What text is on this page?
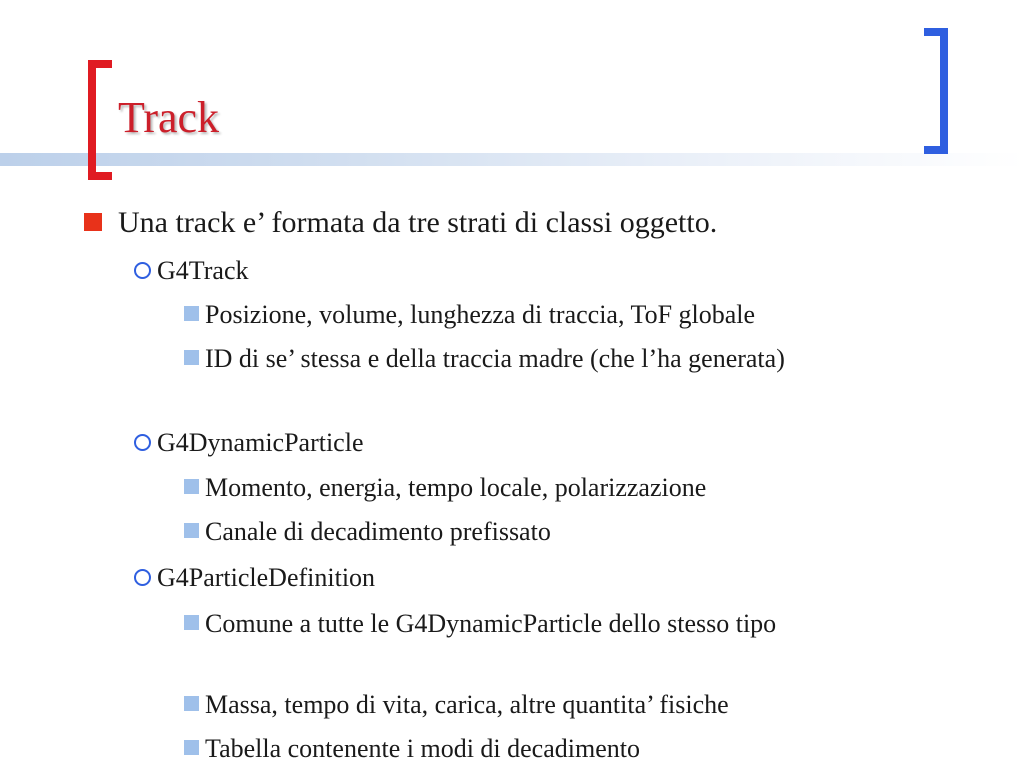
Track
Una track e’ formata da tre strati di classi oggetto.
G4Track
Posizione, volume, lunghezza di traccia, ToF globale
ID di se’ stessa e della traccia madre (che l’ha generata)
G4DynamicParticle
Momento, energia, tempo locale, polarizzazione
Canale di decadimento prefissato
G4ParticleDefinition
Comune a tutte le G4DynamicParticle dello stesso tipo
Massa, tempo di vita, carica, altre quantita’ fisiche
Tabella contenente i modi di decadimento
